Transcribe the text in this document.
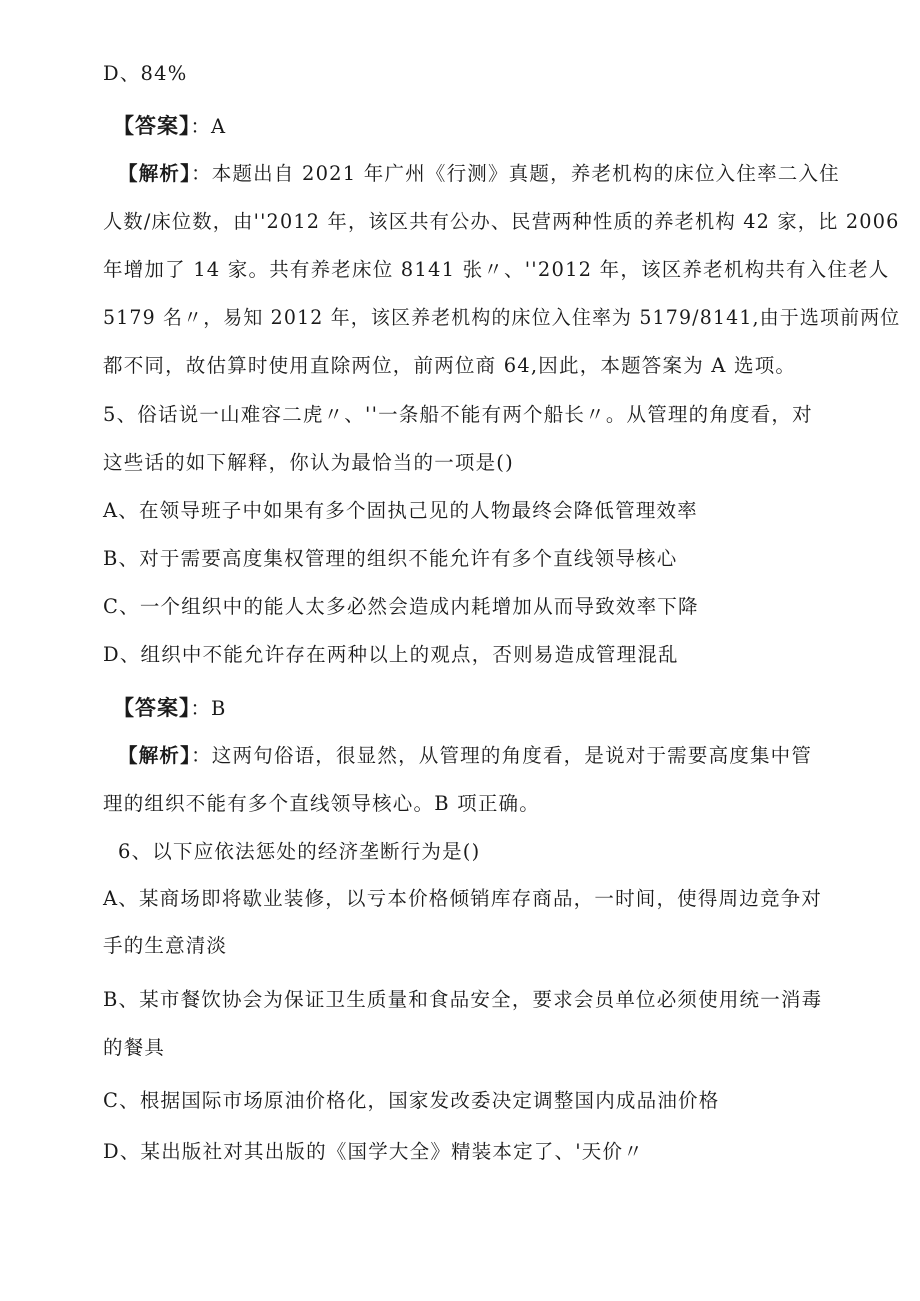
D、84%
【答案】：A
【解析】：本题出自 2021 年广州《行测》真题，养老机构的床位入住率二入住
人数/床位数，由''2012 年，该区共有公办、民营两种性质的养老机构 42 家，比 2006
年增加了 14 家。共有养老床位 8141 张〃、''2012 年，该区养老机构共有入住老人
5179 名〃，易知 2012 年，该区养老机构的床位入住率为 5179/8141,由于选项前两位
都不同，故估算时使用直除两位，前两位商 64,因此，本题答案为 A 选项。
5、俗话说一山难容二虎〃、''一条船不能有两个船长〃。从管理的角度看，对
这些话的如下解释，你认为最恰当的一项是()
A、在领导班子中如果有多个固执己见的人物最终会降低管理效率
B、对于需要高度集权管理的组织不能允许有多个直线领导核心
C、一个组织中的能人太多必然会造成内耗增加从而导致效率下降
D、组织中不能允许存在两种以上的观点，否则易造成管理混乱
【答案】：B
【解析】：这两句俗语，很显然，从管理的角度看，是说对于需要高度集中管
理的组织不能有多个直线领导核心。B 项正确。
6、以下应依法惩处的经济垄断行为是()
A、某商场即将歇业装修，以亏本价格倾销库存商品，一时间，使得周边竞争对
手的生意清淡
B、某市餐饮协会为保证卫生质量和食品安全，要求会员单位必须使用统一消毒
的餐具
C、根据国际市场原油价格化，国家发改委决定调整国内成品油价格
D、某出版社对其出版的《国学大全》精装本定了、'天价〃
